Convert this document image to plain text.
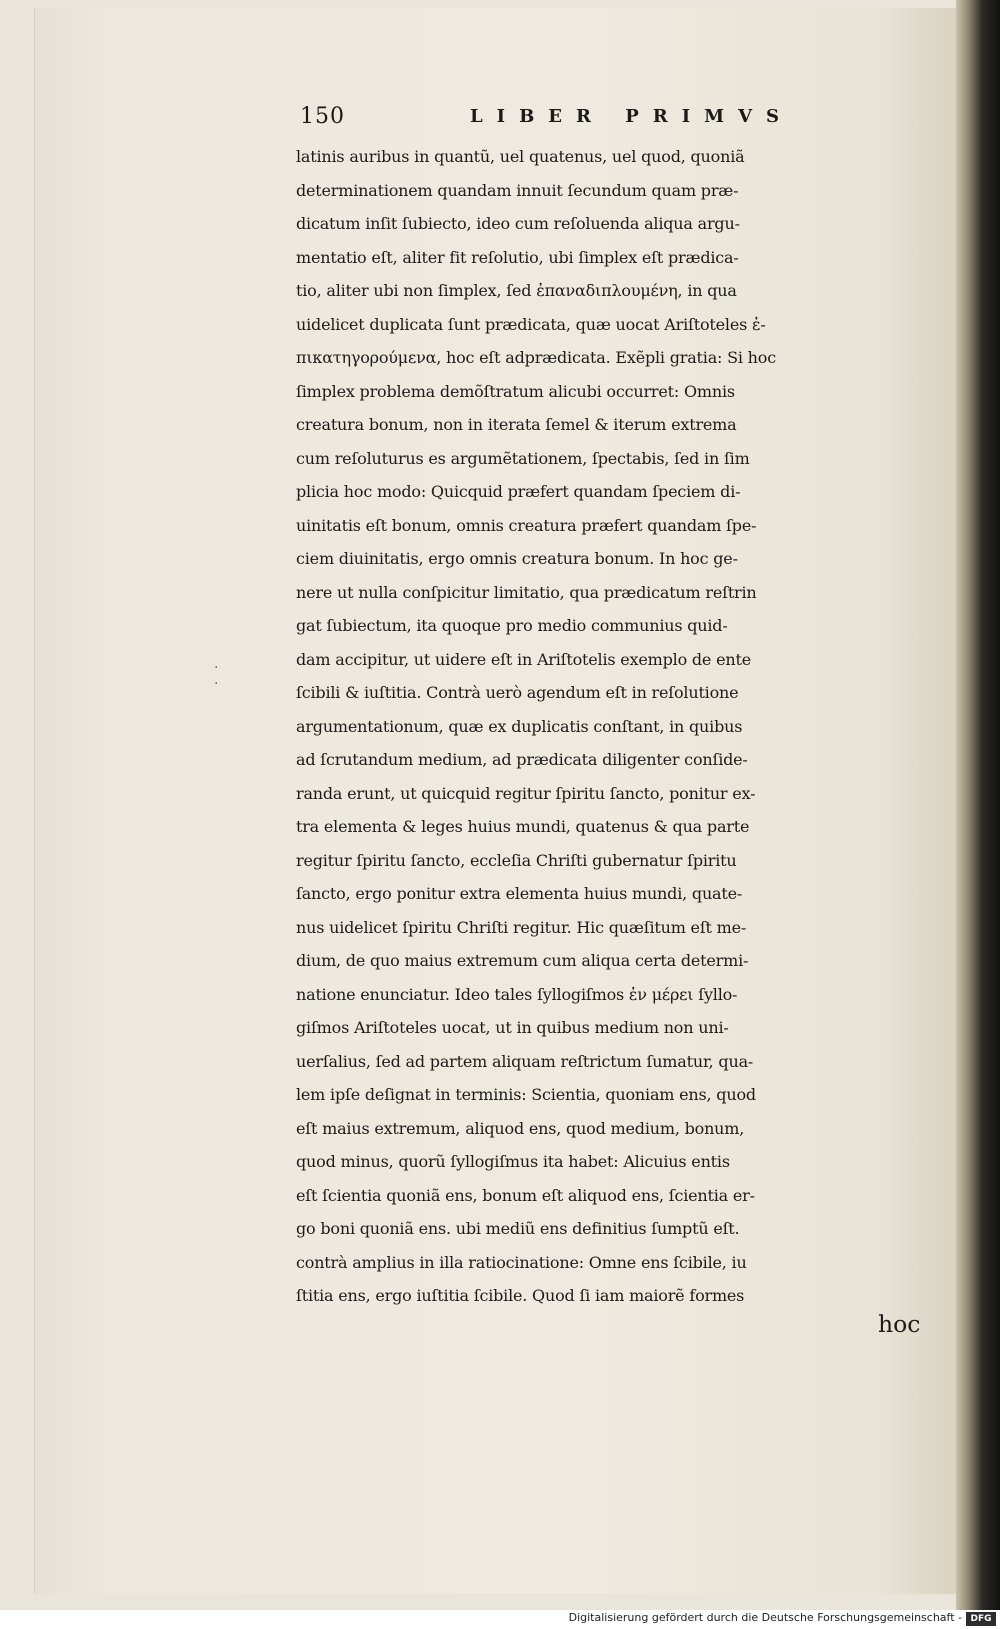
150	LIBER PRIMVS
·
·
latinis auribus in quantũ, uel quatenus, uel quod, quoniã
determinationem quandam innuit ſecundum quam præ-
dicatum inſit ſubiecto, ideo cum reſoluenda aliqua argu-
mentatio eſt, aliter fit reſolutio, ubi ſimplex eſt prædica-
tio, aliter ubi non ſimplex, ſed ἐπαναδιπλουμένη, in qua
uidelicet duplicata ſunt prædicata, quæ uocat Ariſtoteles ἐ-
πικατηγορούμενα, hoc eſt adprædicata. Exẽpli gratia: Si hoc
ſimplex problema demõſtratum alicubi occurret: Omnis
creatura bonum, non in iterata ſemel & iterum extrema
cum reſoluturus es argumẽtationem, ſpectabis, ſed in ſim
plicia hoc modo: Quicquid præfert quandam ſpeciem di-
uinitatis eſt bonum, omnis creatura præfert quandam ſpe-
ciem diuinitatis, ergo omnis creatura bonum. In hoc ge-
nere ut nulla conſpicitur limitatio, qua prædicatum reſtrin
gat ſubiectum, ita quoque pro medio communius quid-
dam accipitur, ut uidere eſt in Ariſtotelis exemplo de ente
ſcibili & iuſtitia. Contrà uerò agendum eſt in reſolutione
argumentationum, quæ ex duplicatis conſtant, in quibus
ad ſcrutandum medium, ad prædicata diligenter conſide-
randa erunt, ut quicquid regitur ſpiritu ſancto, ponitur ex-
tra elementa & leges huius mundi, quatenus & qua parte
regitur ſpiritu ſancto, eccleſia Chriſti gubernatur ſpiritu
ſancto, ergo ponitur extra elementa huius mundi, quate-
nus uidelicet ſpiritu Chriſti regitur. Hic quæſitum eſt me-
dium, de quo maius extremum cum aliqua certa determi-
natione enunciatur. Ideo tales ſyllogiſmos ἐν μέρει ſyllo-
giſmos Ariſtoteles uocat, ut in quibus medium non uni-
uerſalius, ſed ad partem aliquam reſtrictum ſumatur, qua-
lem ipſe deſignat in terminis: Scientia, quoniam ens, quod
eſt maius extremum, aliquod ens, quod medium, bonum,
quod minus, quorũ ſyllogiſmus ita habet: Alicuius entis
eſt ſcientia quoniã ens, bonum eſt aliquod ens, ſcientia er-
go boni quoniã ens. ubi mediũ ens definitius ſumptũ eſt.
contrà amplius in illa ratiocinatione: Omne ens ſcibile, iu
ſtitia ens, ergo iuſtitia ſcibile. Quod ſi iam maiorẽ formes
hoc
Digitalisierung gefördert durch die Deutsche Forschungsgemeinschaft - DFG
